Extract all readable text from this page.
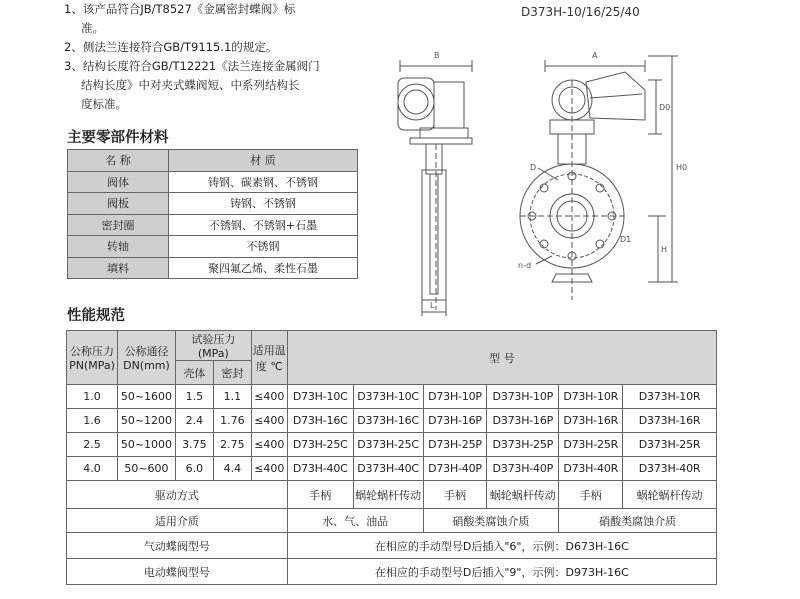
1、该产品符合JB/T8527《金属密封蝶阀》标

准。

2、侧法兰连接符合GB/T9115.1的规定。

3、结构长度符合GB/T12221《法兰连接金属阀门

结构长度》中对夹式蝶阀短、中系列结构长

度标准。

D373H-10/16/25/40
主要零部件材料
名 称	材 质
阀体	铸钢、碳素钢、不锈钢
阀板	铸钢、不锈钢
密封圈	不锈钢、不锈钢+石墨
转轴	不锈钢
填料	聚四氟乙烯、柔性石墨
B
L
A
D
D1
n-d
D0
H
H0
性能规范
公称压力 PN(MPa)	公称通径 DN(mm)	试验压力(MPa)		适用温度 ℃	型 号					
		壳体	密封							
1.0	50~1600	1.5	1.1	≤400	D73H-10C	D373H-10C	D73H-10P	D373H-10P	D73H-10R	D373H-10R
1.6	50~1200	2.4	1.76	≤400	D73H-16C	D373H-16C	D73H-16P	D373H-16P	D73H-16R	D373H-16R
2.5	50~1000	3.75	2.75	≤400	D73H-25C	D373H-25C	D73H-25P	D373H-25P	D73H-25R	D373H-25R
4.0	50~600	6.0	4.4	≤400	D73H-40C	D373H-40C	D73H-40P	D373H-40P	D73H-40R	D373H-40R
驱动方式					手柄	蜗轮蜗杆传动	手柄	蜗轮蜗杆传动	手柄	蜗轮蜗杆传动
适用介质					水、气、油品		硝酸类腐蚀介质		硝酸类腐蚀介质	
气动蝶阀型号					在相应的手动型号D后插入"6"，示例：D673H-16C					
电动蝶阀型号					在相应的手动型号D后插入"9"，示例：D973H-16C					
